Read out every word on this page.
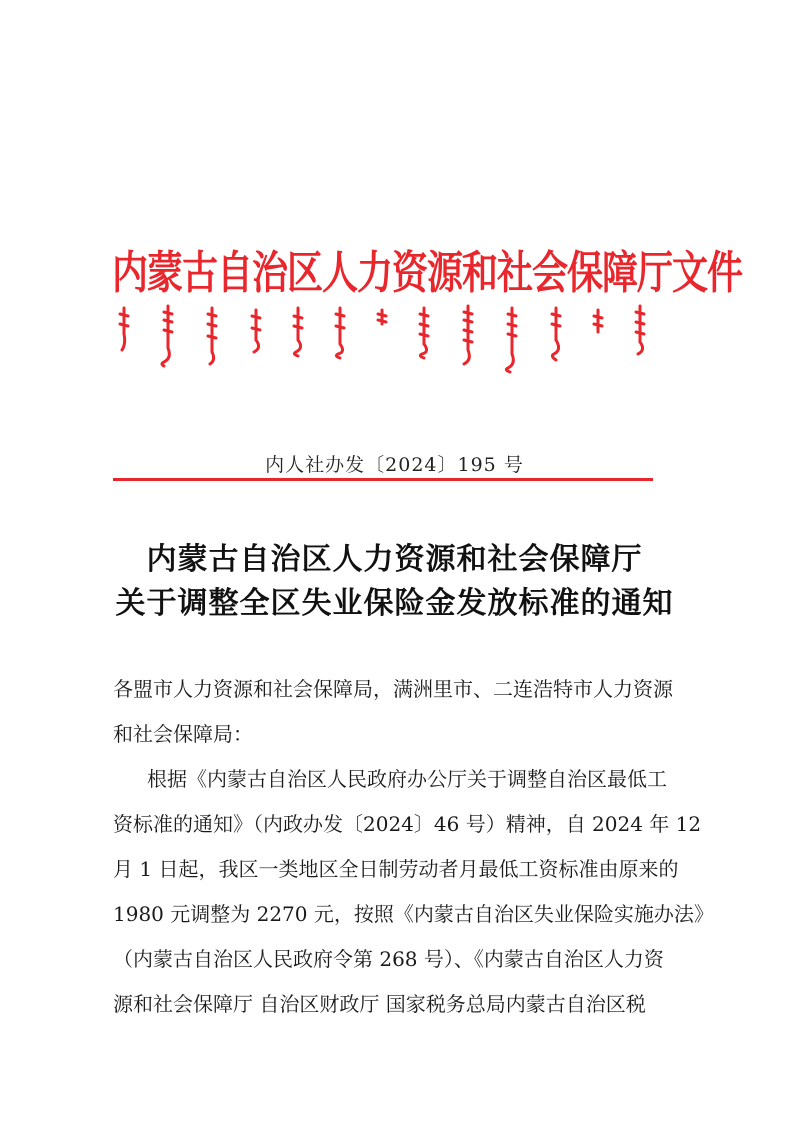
内蒙古自治区人力资源和社会保障厅文件
内人社办发〔2024〕195 号
内蒙古自治区人力资源和社会保障厅
关于调整全区失业保险金发放标准的通知
各盟市人力资源和社会保障局，满洲里市、二连浩特市人力资源
和社会保障局：
根据《内蒙古自治区人民政府办公厅关于调整自治区最低工
资标准的通知》（内政办发〔2024〕46 号）精神，自 2024 年 12
月 1 日起，我区一类地区全日制劳动者月最低工资标准由原来的
1980 元调整为 2270 元，按照《内蒙古自治区失业保险实施办法》
（内蒙古自治区人民政府令第 268 号）、《内蒙古自治区人力资
源和社会保障厅 自治区财政厅 国家税务总局内蒙古自治区税
